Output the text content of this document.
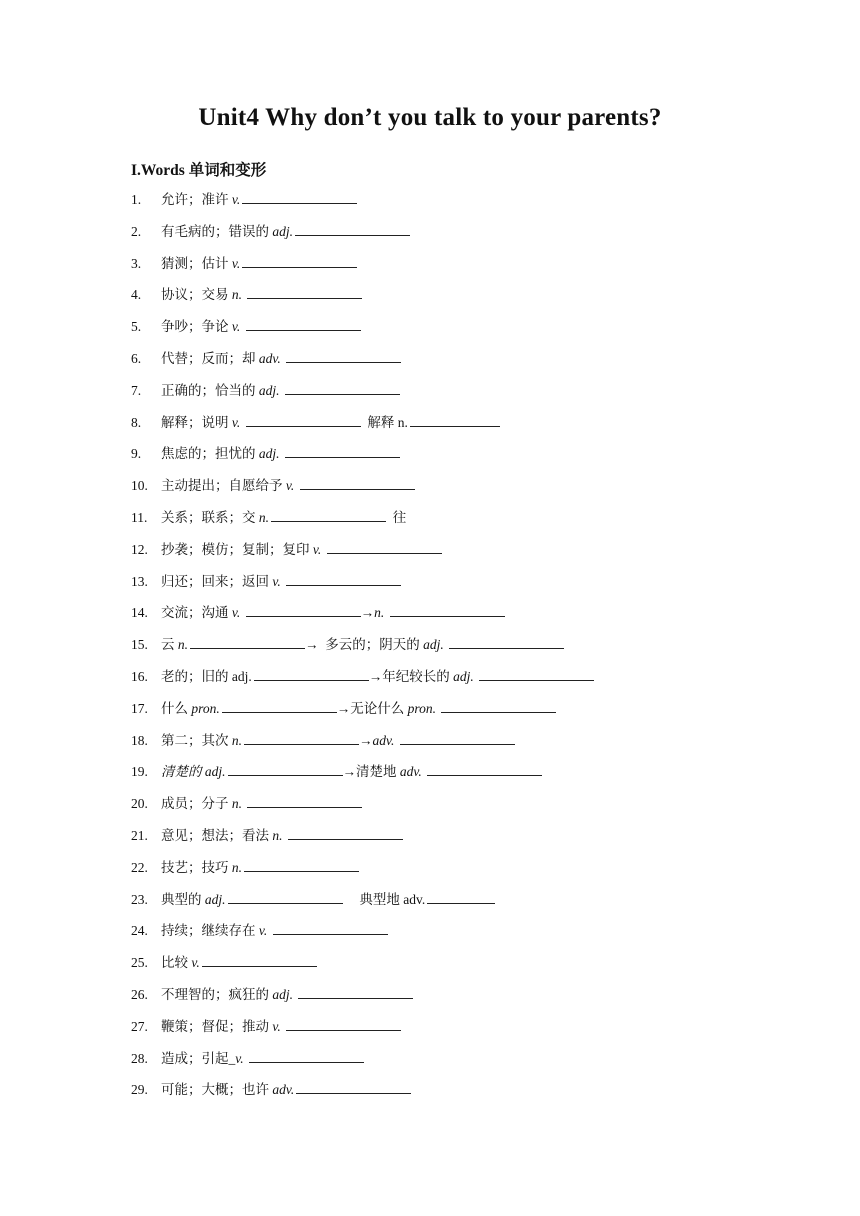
Unit4 Why don’t you talk to your parents?
I.Words 单词和变形
1.	允许；准许 v.
2.	有毛病的；错误的 adj.
3.	猜测；估计 v.
4.	协议；交易 n.
5.	争吵；争论 v.
6.	代替；反而；却 adv.
7.	正确的；恰当的 adj.
8.	解释；说明 v.	解释 n.
9.	焦虑的；担忧的 adj.
10. 主动提出；自愿给予 v.
11.	关系；联系；交 n.	往
12. 抄袭；模仿；复制；复印 v.
13. 归还；回来；返回 v.
14. 交流；沟通 v.	→n.
15. 云 n.	→  多云的；阴天的 adj.
16. 老的；旧的 adj.	→年纪较长的 adj.
17. 什么 pron.	→无论什么 pron.
18. 第二；其次 n.	→adv.
19. 清楚的 adj.	→清楚地 adv.
20. 成员；分子 n.
21. 意见；想法；看法 n.
22. 技艺；技巧 n.
23. 典型的 adj.	典型地 adv.
24. 持续；继续存在 v.
25. 比较 v.
26. 不理智的；疯狂的 adj.
27. 鞭策；督促；推动 v.
28. 造成；引起_v.
29. 可能；大概；也许 adv.
